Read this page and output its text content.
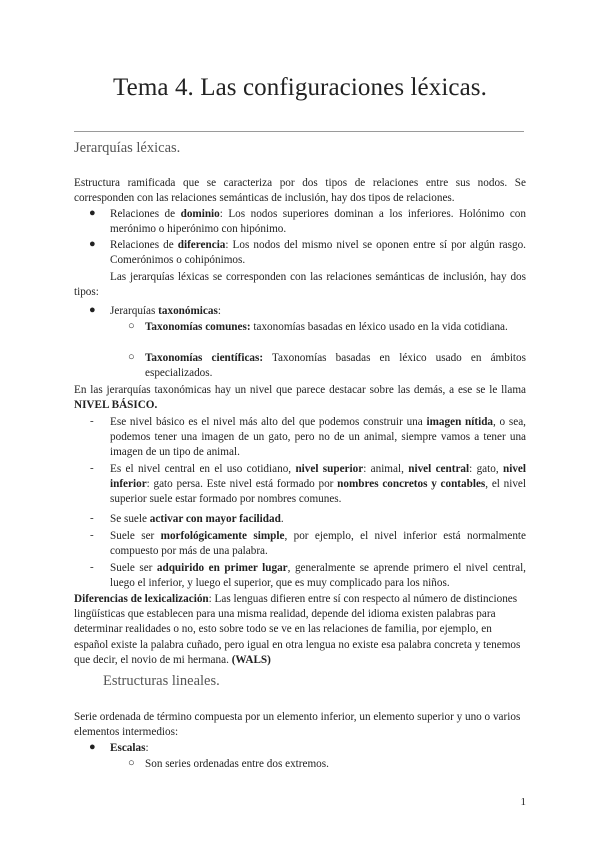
Tema 4. Las configuraciones léxicas.
Jerarquías léxicas.
Estructura ramificada que se caracteriza por dos tipos de relaciones entre sus nodos. Se corresponden con las relaciones semánticas de inclusión, hay dos tipos de relaciones.
● Relaciones de dominio: Los nodos superiores dominan a los inferiores. Holónimo con merónimo o hiperónimo con hipónimo.
● Relaciones de diferencia: Los nodos del mismo nivel se oponen entre sí por algún rasgo. Comerónimos o cohipónimos.
Las jerarquías léxicas se corresponden con las relaciones semánticas de inclusión, hay dos tipos:
● Jerarquías taxonómicas:
○ Taxonomías comunes: taxonomías basadas en léxico usado en la vida cotidiana.
○ Taxonomías científicas: Taxonomías basadas en léxico usado en ámbitos especializados.
En las jerarquías taxonómicas hay un nivel que parece destacar sobre las demás, a ese se le llama NIVEL BÁSICO.
- Ese nivel básico es el nivel más alto del que podemos construir una imagen nítida, o sea, podemos tener una imagen de un gato, pero no de un animal, siempre vamos a tener una imagen de un tipo de animal.
- Es el nivel central en el uso cotidiano, nivel superior: animal, nivel central: gato, nivel inferior: gato persa. Este nivel está formado por nombres concretos y contables, el nivel superior suele estar formado por nombres comunes.
- Se suele activar con mayor facilidad.
- Suele ser morfológicamente simple, por ejemplo, el nivel inferior está normalmente compuesto por más de una palabra.
- Suele ser adquirido en primer lugar, generalmente se aprende primero el nivel central, luego el inferior, y luego el superior, que es muy complicado para los niños.
Diferencias de lexicalización: Las lenguas difieren entre sí con respecto al número de distinciones lingüísticas que establecen para una misma realidad, depende del idioma existen palabras para determinar realidades o no, esto sobre todo se ve en las relaciones de familia, por ejemplo, en español existe la palabra cuñado, pero igual en otra lengua no existe esa palabra concreta y tenemos que decir, el novio de mi hermana. (WALS)
Estructuras lineales.
Serie ordenada de término compuesta por un elemento inferior, un elemento superior y uno o varios elementos intermedios:
● Escalas:
○ Son series ordenadas entre dos extremos.
1
